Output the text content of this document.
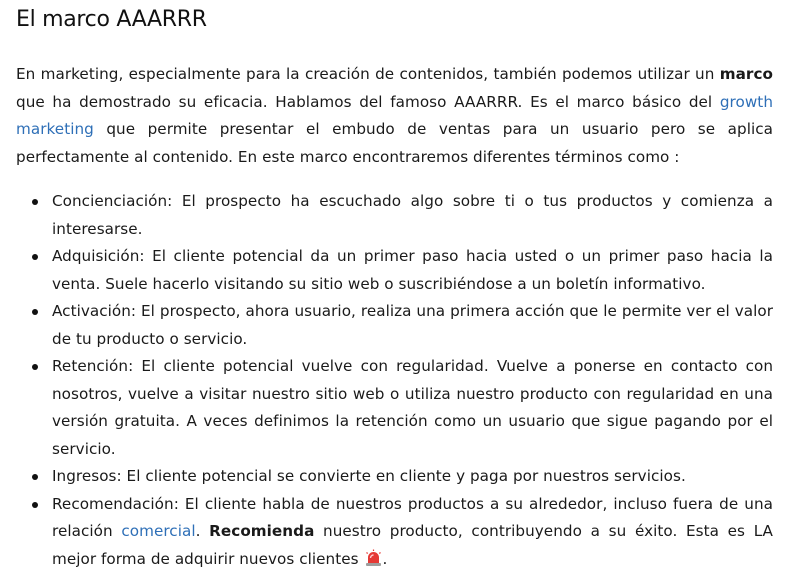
El marco AAARRR

En marketing, especialmente para la creación de contenidos, también podemos utilizar un marco que ha demostrado su eficacia. Hablamos del famoso AAARRR. Es el marco básico del growth marketing que permite presentar el embudo de ventas para un usuario pero se aplica perfectamente al contenido. En este marco encontraremos diferentes términos como :

Concienciación: El prospecto ha escuchado algo sobre ti o tus productos y comienza a interesarse.
Adquisición: El cliente potencial da un primer paso hacia usted o un primer paso hacia la venta. Suele hacerlo visitando su sitio web o suscribiéndose a un boletín informativo.
Activación: El prospecto, ahora usuario, realiza una primera acción que le permite ver el valor de tu producto o servicio.
Retención: El cliente potencial vuelve con regularidad. Vuelve a ponerse en contacto con nosotros, vuelve a visitar nuestro sitio web o utiliza nuestro producto con regularidad en una versión gratuita. A veces definimos la retención como un usuario que sigue pagando por el servicio.
Ingresos: El cliente potencial se convierte en cliente y paga por nuestros servicios.
Recomendación: El cliente habla de nuestros productos a su alrededor, incluso fuera de una relación comercial. Recomienda nuestro producto, contribuyendo a su éxito. Esta es LA mejor forma de adquirir nuevos clientes .
